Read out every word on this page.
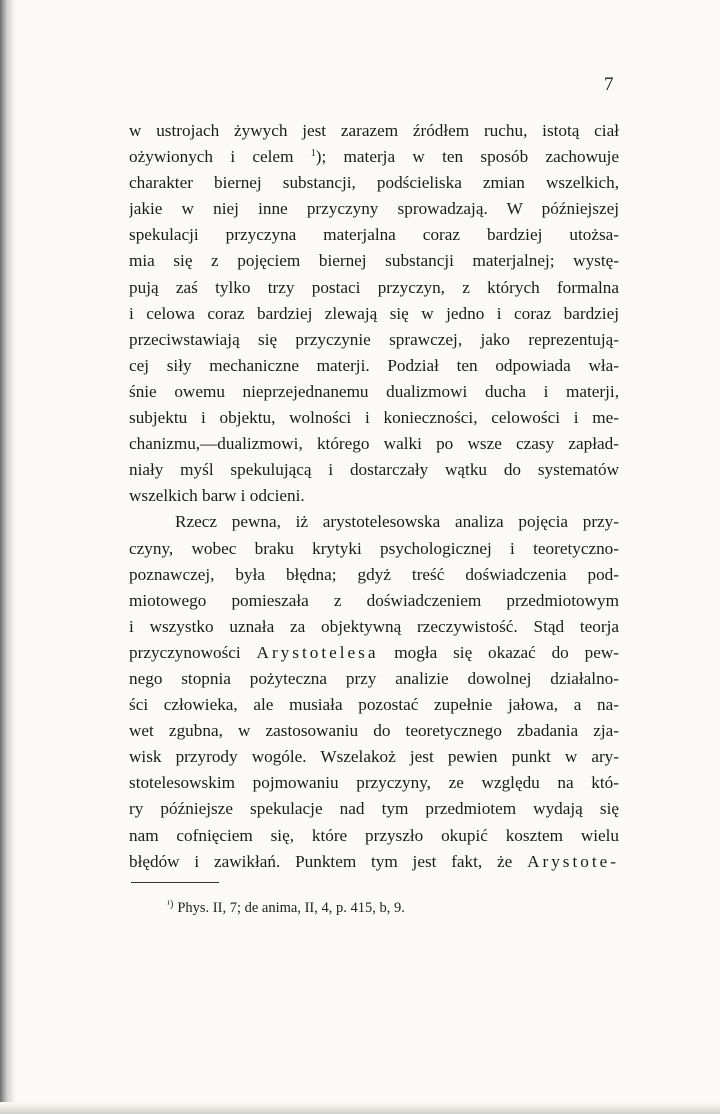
7
w ustrojach żywych jest zarazem źródłem ruchu, istotą ciał
ożywionych i celem $^1$); materja w ten sposób zachowuje
charakter biernej substancji, podścieliska zmian wszelkich,
jakie w niej inne przyczyny sprowadzają. W późniejszej
spekulacji przyczyna materjalna coraz bardziej utożsa-
mia się z pojęciem biernej substancji materjalnej; wystę-
pują zaś tylko trzy postaci przyczyn, z których formalna
i celowa coraz bardziej zlewają się w jedno i coraz bardziej
przeciwstawiają się przyczynie sprawczej, jako reprezentują-
cej siły mechaniczne materji. Podział ten odpowiada wła-
śnie owemu nieprzejednanemu dualizmowi ducha i materji,
subjektu i objektu, wolności i konieczności, celowości i me-
chanizmu,—dualizmowi, którego walki po wsze czasy zapład-
niały myśl spekulującą i dostarczały wątku do systematów
wszelkich barw i odcieni.
Rzecz pewna, iż arystotelesowska analiza pojęcia przy-
czyny, wobec braku krytyki psychologicznej i teoretyczno-
poznawczej, była błędna; gdyż treść doświadczenia pod-
miotowego pomieszała z doświadczeniem przedmiotowym
i wszystko uznała za objektywną rzeczywistość. Stąd teorja
przyczynowości Arystotelesa mogła się okazać do pew-
nego stopnia pożyteczna przy analizie dowolnej działalno-
ści człowieka, ale musiała pozostać zupełnie jałowa, a na-
wet zgubna, w zastosowaniu do teoretycznego zbadania zja-
wisk przyrody wogóle. Wszelakoż jest pewien punkt w ary-
stotelesowskim pojmowaniu przyczyny, ze względu na któ-
ry późniejsze spekulacje nad tym przedmiotem wydają się
nam cofnięciem się, które przyszło okupić kosztem wielu
błędów i zawikłań. Punktem tym jest fakt, że Arystote-
$^{^1)}$ Phys. II, 7; de anima, II, 4, p. 415, b, 9.
